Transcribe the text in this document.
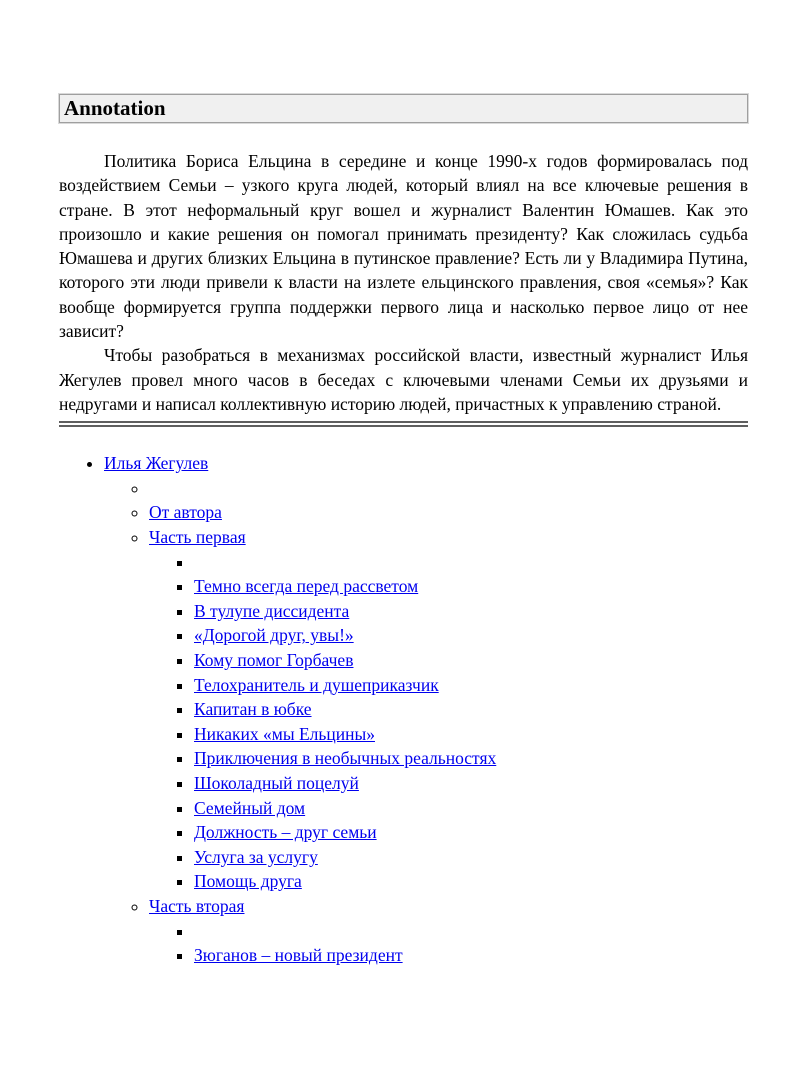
Annotation

Политика Бориса Ельцина в середине и конце 1990-х годов формировалась под воздействием Семьи – узкого круга людей, который влиял на все ключевые решения в стране. В этот неформальный круг вошел и журналист Валентин Юмашев. Как это произошло и какие решения он помогал принимать президенту? Как сложилась судьба Юмашева и других близких Ельцина в путинское правление? Есть ли у Владимира Путина, которого эти люди привели к власти на излете ельцинского правления, своя «семья»? Как вообще формируется группа поддержки первого лица и насколько первое лицо от нее зависит?

Чтобы разобраться в механизмах российской власти, известный журналист Илья Жегулев провел много часов в беседах с ключевыми членами Семьи их друзьями и недругами и написал коллективную историю людей, причастных к управлению страной.

• Илья Жегулев
◦
◦ От автора
◦ Часть первая
▪
▪ Темно всегда перед рассветом
▪ В тулупе диссидента
▪ «Дорогой друг, увы!»
▪ Кому помог Горбачев
▪ Телохранитель и душеприказчик
▪ Капитан в юбке
▪ Никаких «мы Ельцины»
▪ Приключения в необычных реальностях
▪ Шоколадный поцелуй
▪ Семейный дом
▪ Должность – друг семьи
▪ Услуга за услугу
▪ Помощь друга
◦ Часть вторая
▪
▪ Зюганов – новый президент
